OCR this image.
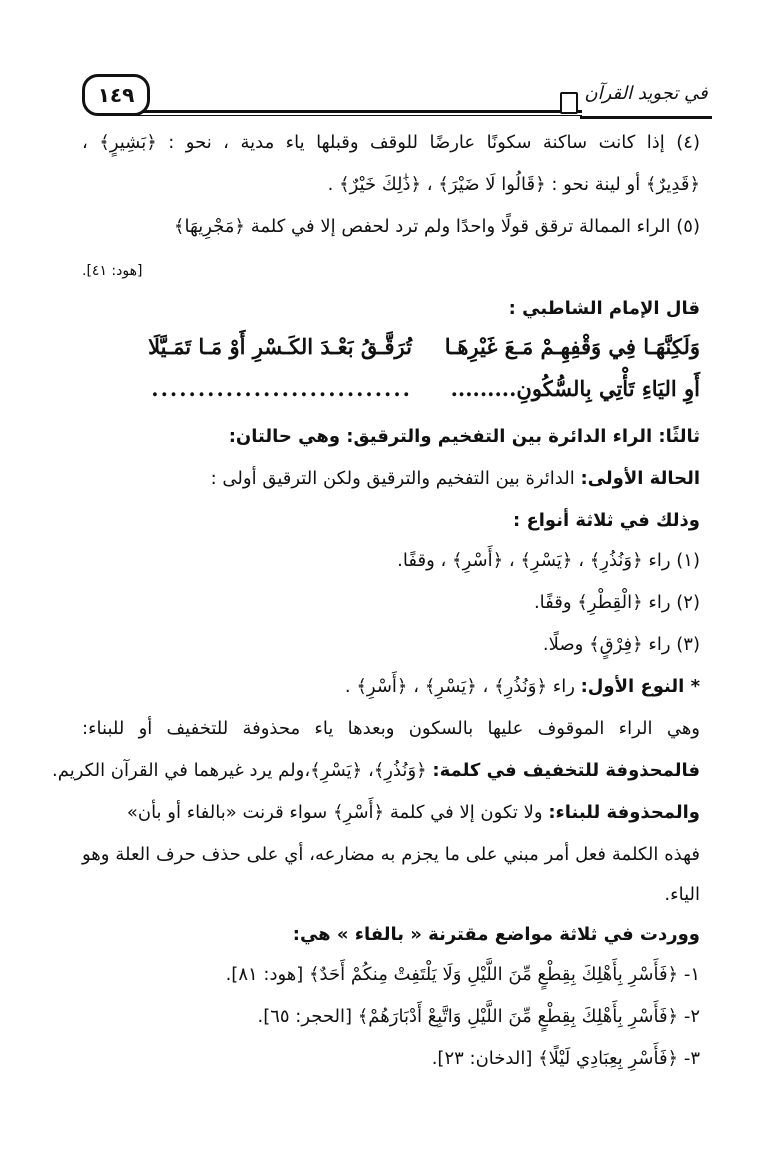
١٤٩	في تجويد القرآن
(٤) إذا كانت ساكنة سكونًا عارضًا للوقف وقبلها ياء مدية ، نحو : ﴿بَشِيرٍ﴾ ،
﴿قَدِيرٌ﴾ أو لينة نحو : ﴿قَالُوا لَا ضَيْرَ﴾ ، ﴿ذَٰلِكَ خَيْرٌ﴾ .
(٥) الراء الممالة ترقق قولًا واحدًا ولم ترد لحفص إلا في كلمة ﴿مَجْرِيهَا﴾
[هود: ٤١].
قال الإمام الشاطبي :
وَلَكِنَّهَـا فِي وَقْفِهِـمْ مَـعَ غَيْرِهَـا
تُرَقَّـقُ بَعْـدَ الكَـسْرِ أَوْ مَـا تَمَـيَّلَا
أَوِ اليَاءِ تَأْتِي بِالسُّكُونِ.........
............................
ثالثًا: الراء الدائرة بين التفخيم والترقيق: وهي حالتان:
الحالة الأولى: الدائرة بين التفخيم والترقيق ولكن الترقيق أولى :
وذلك في ثلاثة أنواع :
(١) راء ﴿وَنُذُرِ﴾ ، ﴿يَسْرِ﴾ ، ﴿أَسْرِ﴾ ، وقفًا.
(٢) راء ﴿الْقِطْرِ﴾ وقفًا.
(٣) راء ﴿فِرْقٍ﴾ وصلًا.
* النوع الأول: راء ﴿وَنُذُرِ﴾ ، ﴿يَسْرِ﴾ ، ﴿أَسْرِ﴾ .
وهي الراء الموقوف عليها بالسكون وبعدها ياء محذوفة للتخفيف أو للبناء:
فالمحذوفة للتخفيف في كلمة: ﴿وَنُذُرِ﴾، ﴿يَسْرِ﴾،ولم يرد غيرهما في القرآن الكريم.
والمحذوفة للبناء: ولا تكون إلا في كلمة ﴿أَسْرِ﴾ سواء قرنت «بالفاء أو بأن»
فهذه الكلمة فعل أمر مبني على ما يجزم به مضارعه، أي على حذف حرف العلة وهو
الياء.
ووردت في ثلاثة مواضع مقترنة « بالفاء » هي:
١- ﴿فَأَسْرِ بِأَهْلِكَ بِقِطْعٍ مِّنَ اللَّيْلِ وَلَا يَلْتَفِتْ مِنكُمْ أَحَدٌ﴾ [هود: ٨١].
٢- ﴿فَأَسْرِ بِأَهْلِكَ بِقِطْعٍ مِّنَ اللَّيْلِ وَاتَّبِعْ أَدْبَارَهُمْ﴾ [الحجر: ٦٥].
٣- ﴿فَأَسْرِ بِعِبَادِي لَيْلًا﴾ [الدخان: ٢٣].
